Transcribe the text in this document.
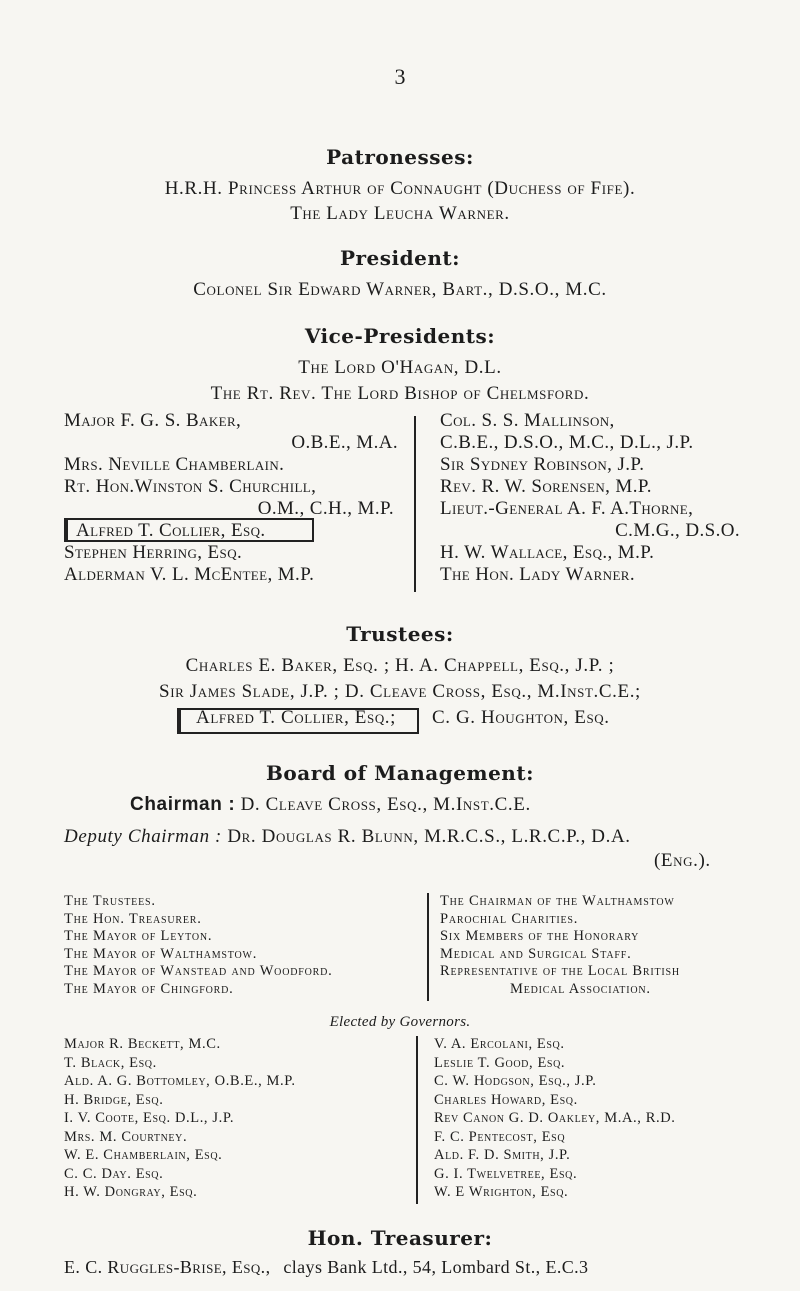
3
Patronesses:
H.R.H. Princess Arthur of Connaught (Duchess of Fife).
The Lady Leucha Warner.
President:
Colonel Sir Edward Warner, Bart., D.S.O., M.C.
Vice-Presidents:
The Lord O'Hagan, D.L.
The Rt. Rev. The Lord Bishop of Chelmsford.
Major F. G. S. Baker,
O.B.E., M.A.
Mrs. Neville Chamberlain.
Rt. Hon.Winston S. Churchill,
O.M., C.H., M.P.
Alfred T. Collier, Esq.
Stephen Herring, Esq.
Alderman V. L. McEntee, M.P.
Col. S. S. Mallinson,
C.B.E., D.S.O., M.C., D.L., J.P.
Sir Sydney Robinson, J.P.
Rev. R. W. Sorensen, M.P.
Lieut.-General A. F. A.Thorne,
C.M.G., D.S.O.
H. W. Wallace, Esq., M.P.
The Hon. Lady Warner.
Trustees:
Charles E. Baker, Esq. ; H. A. Chappell, Esq., J.P. ;
Sir James Slade, J.P. ; D. Cleave Cross, Esq., M.Inst.C.E.;
Alfred T. Collier, Esq.; C. G. Houghton, Esq.
Board of Management:
Chairman : D. Cleave Cross, Esq., M.Inst.C.E.
Deputy Chairman : Dr. Douglas R. Blunn, M.R.C.S., L.R.C.P., D.A.
(Eng.).
The Trustees.
The Hon. Treasurer.
The Mayor of Leyton.
The Mayor of Walthamstow.
The Mayor of Wanstead and Woodford.
The Mayor of Chingford.
The Chairman of the Walthamstow
Parochial Charities.
Six Members of the Honorary
Medical and Surgical Staff.
Representative of the Local British
Medical Association.
Elected by Governors.
Major R. Beckett, M.C.
T. Black, Esq.
Ald. A. G. Bottomley, O.B.E., M.P.
H. Bridge, Esq.
I. V. Coote, Esq. D.L., J.P.
Mrs. M. Courtney.
W. E. Chamberlain, Esq.
C. C. Day. Esq.
H. W. Dongray, Esq.
V. A. Ercolani, Esq.
Leslie T. Good, Esq.
C. W. Hodgson, Esq., J.P.
Charles Howard, Esq.
Rev Canon G. D. Oakley, M.A., R.D.
F. C. Pentecost, Esq
Ald. F. D. Smith, J.P.
G. I. Twelvetree, Esq.
W. E Wrighton, Esq.
Hon. Treasurer:
E. C. Ruggles-Brise, Esq., clays Bank Ltd., 54, Lombard St., E.C.3
